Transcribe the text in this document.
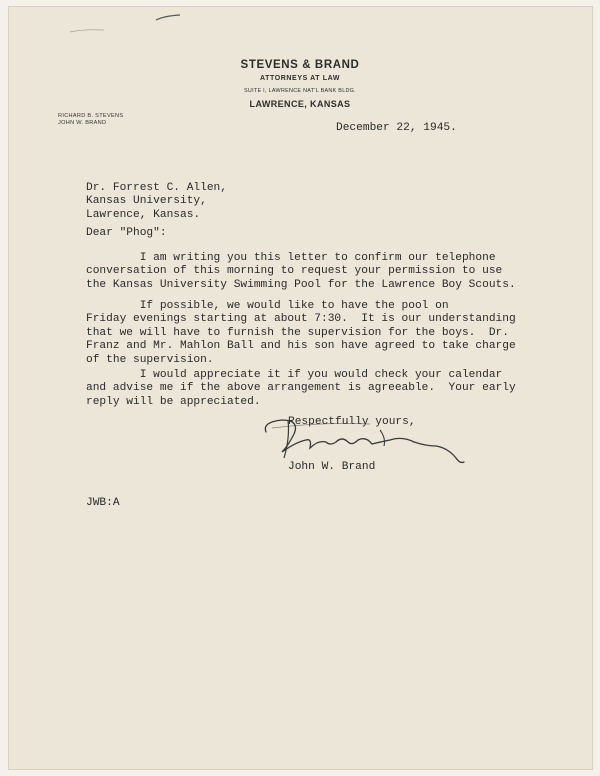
STEVENS & BRAND
ATTORNEYS AT LAW
SUITE I, LAWRENCE NAT'L BANK BLDG.
LAWRENCE, KANSAS
RICHARD B. STEVENS
JOHN W. BRAND	December 22, 1945.
Dr. Forrest C. Allen,
Kansas University,
Lawrence, Kansas.
Dear "Phog":
I am writing you this letter to confirm our telephone
conversation of this morning to request your permission to use
the Kansas University Swimming Pool for the Lawrence Boy Scouts.
If possible, we would like to have the pool on
Friday evenings starting at about 7:30.  It is our understanding
that we will have to furnish the supervision for the boys.  Dr.
Franz and Mr. Mahlon Ball and his son have agreed to take charge
of the supervision.
I would appreciate it if you would check your calendar
and advise me if the above arrangement is agreeable.  Your early
reply will be appreciated.
Respectfully yours,
John W. Brand
JWB:A
